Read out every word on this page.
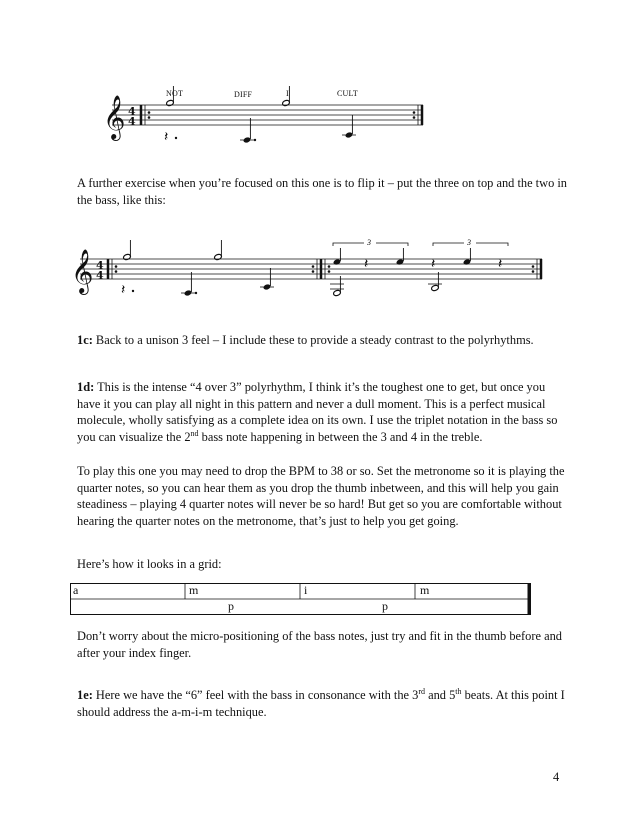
NOT	DIFF	I	CULT
𝄞 4
4
𝄽

A further exercise when you’re focused on this one is to flip it – put the three on top and the two in the bass, like this:

𝄞 4
4
𝄽
𝄽	𝄽	𝄽
3	3

1c: Back to a unison 3 feel – I include these to provide a steady contrast to the polyrhythms.

1d: This is the intense “4 over 3” polyrhythm, I think it’s the toughest one to get, but once you have it you can play all night in this pattern and never a dull moment. This is a perfect musical molecule, wholly satisfying as a complete idea on its own. I use the triplet notation in the bass so you can visualize the 2nd bass note happening in between the 3 and 4 in the treble.

To play this one you may need to drop the BPM to 38 or so. Set the metronome so it is playing the quarter notes, so you can hear them as you drop the thumb inbetween, and this will help you gain steadiness – playing 4 quarter notes will never be so hard! But get so you are comfortable without hearing the quarter notes on the metronome, that’s just to help you get going.

Here’s how it looks in a grid:

a	m	i	m
p	p

Don’t worry about the micro-positioning of the bass notes, just try and fit in the thumb before and after your index finger.

1e: Here we have the “6” feel with the bass in consonance with the 3rd and 5th beats. At this point I should address the a-m-i-m technique.

4
